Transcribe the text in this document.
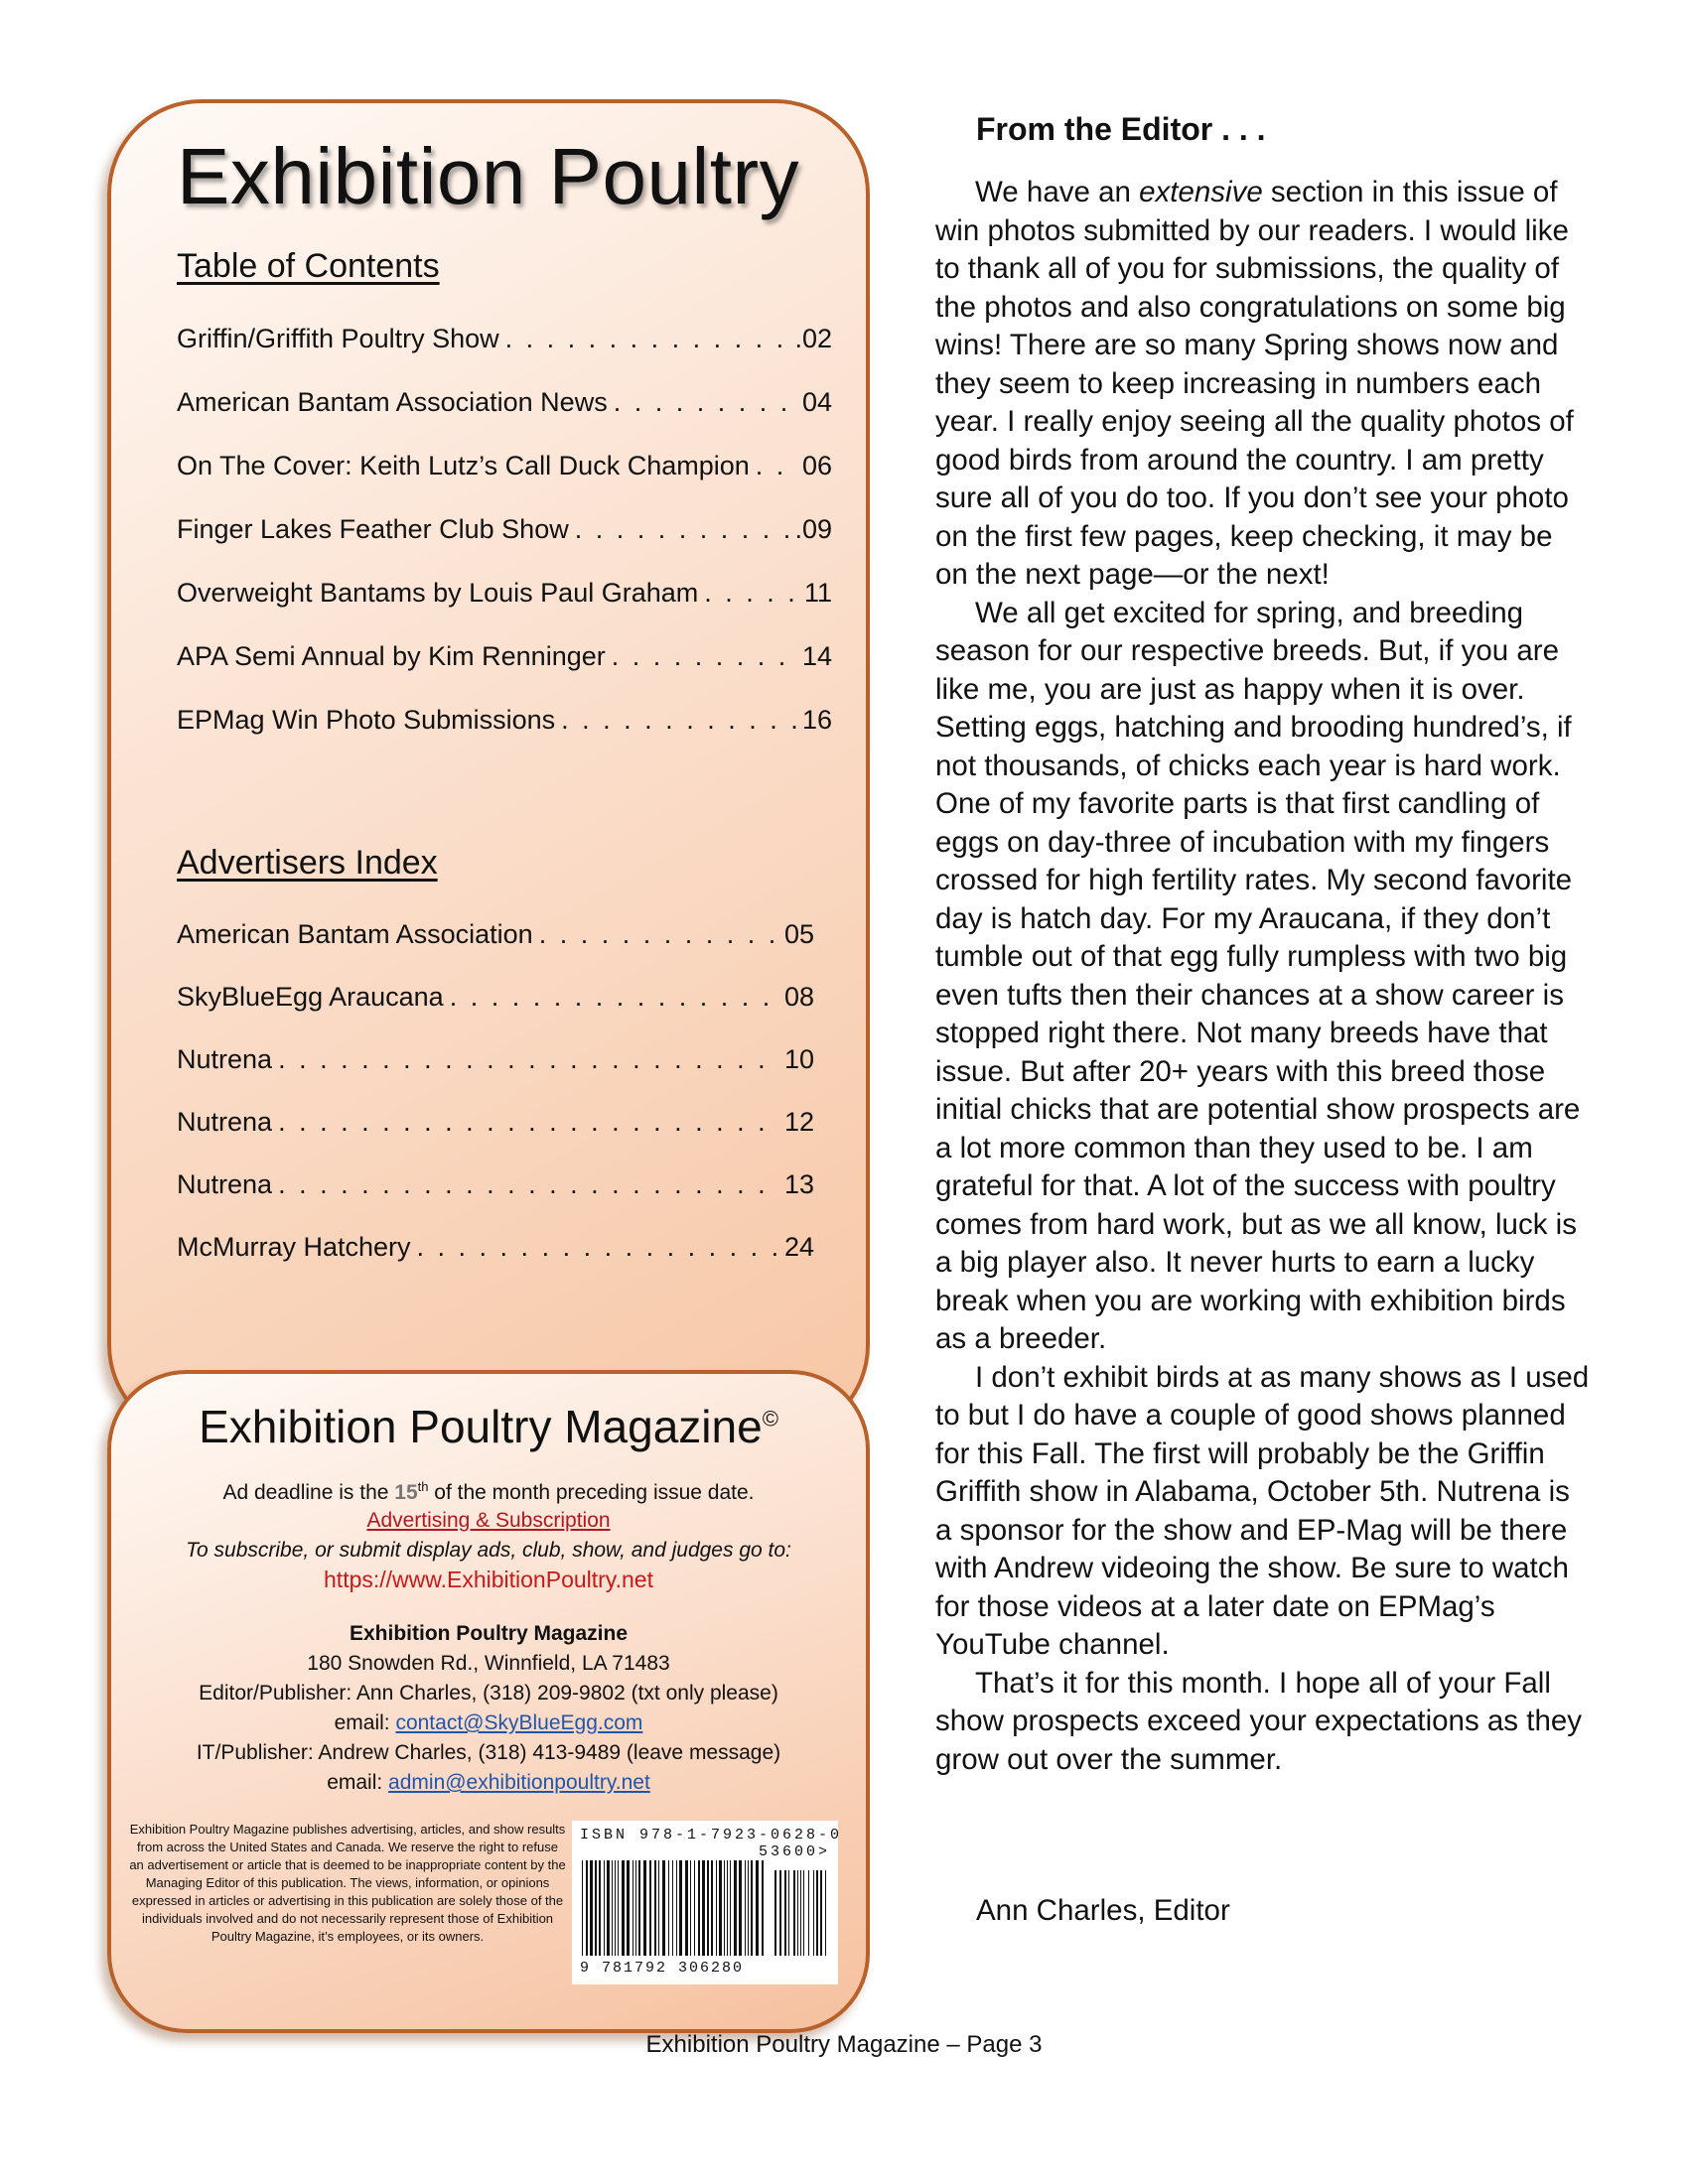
Exhibition Poultry
Table of Contents
Griffin/Griffith Poultry Show . . .	.02
American Bantam Association News . . .	04
On The Cover: Keith Lutz’s Call Duck Champion . . . 06
Finger Lakes Feather Club Show . . .	.09
Overweight Bantams by Louis Paul Graham . . .	11
APA Semi Annual by Kim Renninger . . .	14
EPMag Win Photo Submissions . . .	16
Advertisers Index
American Bantam Association . . .	05
SkyBlueEgg Araucana . . .	08
Nutrena . . .	10
Nutrena . . .	12
Nutrena . . .	13
McMurray Hatchery . . .	24
Exhibition Poultry Magazine©
Ad deadline is the 15th of the month preceding issue date.
Advertising & Subscription
To subscribe, or submit display ads, club, show, and judges go to:
https://www.ExhibitionPoultry.net
Exhibition Poultry Magazine
180 Snowden Rd., Winnfield, LA 71483
Editor/Publisher: Ann Charles, (318) 209-9802 (txt only please)
email: contact@SkyBlueEgg.com
IT/Publisher: Andrew Charles, (318) 413-9489 (leave message)
email: admin@exhibitionpoultry.net
Exhibition Poultry Magazine publishes advertising, articles, and show results from across the United States and Canada. We reserve the right to refuse an advertisement or article that is deemed to be inappropriate content by the Managing Editor of this publication. The views, information, or opinions expressed in articles or advertising in this publication are solely those of the individuals involved and do not necessarily represent those of Exhibition Poultry Magazine, it’s employees, or its owners.
ISBN 978-1-7923-0628-0
53600>
9 781792 306280
From the Editor . . .

We have an extensive section in this issue of win photos submitted by our readers. I would like to thank all of you for submissions, the quality of the photos and also congratulations on some big wins! There are so many Spring shows now and they seem to keep increasing in numbers each year. I really enjoy seeing all the quality photos of good birds from around the country. I am pretty sure all of you do too. If you don’t see your photo on the first few pages, keep checking, it may be on the next page—or the next!

We all get excited for spring, and breeding season for our respective breeds. But, if you are like me, you are just as happy when it is over. Setting eggs, hatching and brooding hundred’s, if not thousands, of chicks each year is hard work. One of my favorite parts is that first candling of eggs on day-three of incubation with my fingers crossed for high fertility rates. My second favorite day is hatch day. For my Araucana, if they don’t tumble out of that egg fully rumpless with two big even tufts then their chances at a show career is stopped right there. Not many breeds have that issue. But after 20+ years with this breed those initial chicks that are potential show prospects are a lot more common than they used to be. I am grateful for that. A lot of the success with poultry comes from hard work, but as we all know, luck is a big player also. It never hurts to earn a lucky break when you are working with exhibition birds as a breeder.

I don’t exhibit birds at as many shows as I used to but I do have a couple of good shows planned for this Fall. The first will probably be the Griffin Griffith show in Alabama, October 5th. Nutrena is a sponsor for the show and EP-Mag will be there with Andrew videoing the show. Be sure to watch for those videos at a later date on EPMag’s YouTube channel.

That’s it for this month. I hope all of your Fall show prospects exceed your expectations as they grow out over the summer.

Ann Charles, Editor
Exhibition Poultry Magazine – Page 3
